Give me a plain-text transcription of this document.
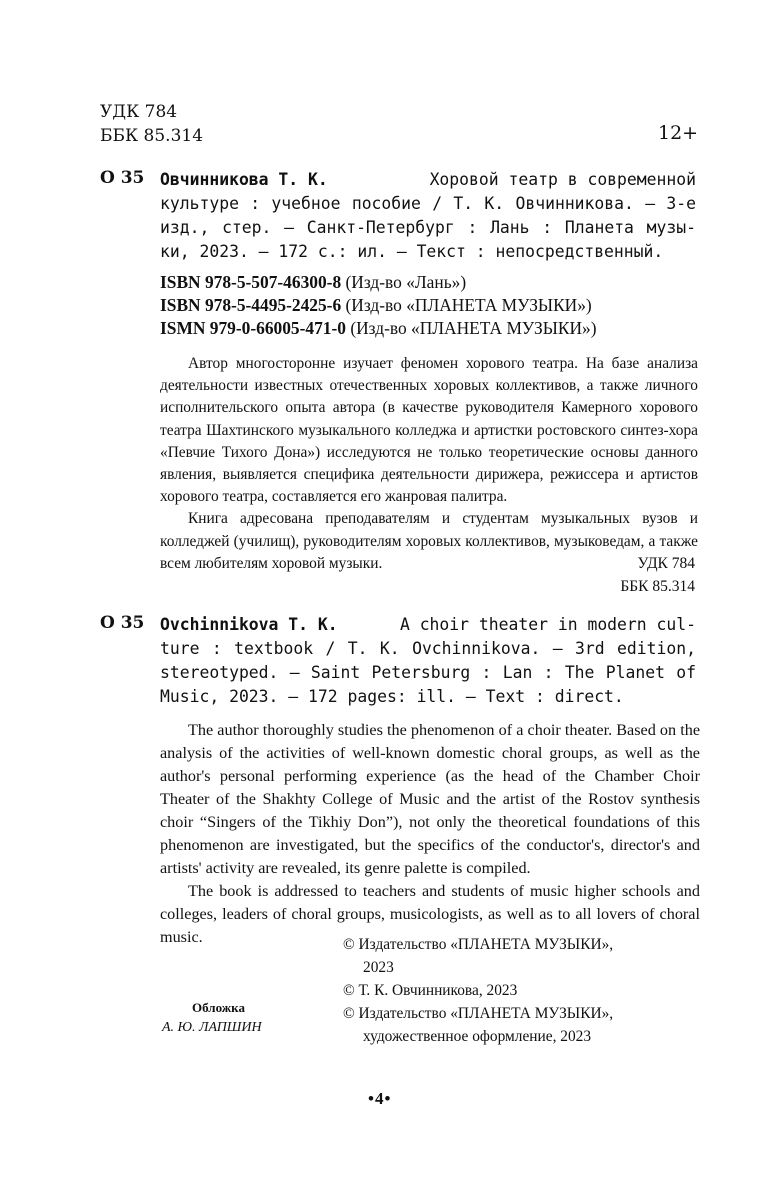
УДК 784
ББК 85.314	12+
О 35 Овчинникова Т. К.	Хоровой театр в современной
культуре : учебное пособие / Т. К. Овчинникова. — 3-е
изд., стер. — Санкт-Петербург : Лань : Планета музы-
ки, 2023. — 172 с.: ил. — Текст : непосредственный.
ISBN 978-5-507-46300-8 (Изд-во «Лань»)
ISBN 978-5-4495-2425-6 (Изд-во «ПЛАНЕТА МУЗЫКИ»)
ISMN 979-0-66005-471-0 (Изд-во «ПЛАНЕТА МУЗЫКИ»)

Автор многосторонне изучает феномен хорового театра. На базе анализа деятельности известных отечественных хоровых коллективов, а также личного исполнительского опыта автора (в качестве руководителя Камерного хорового театра Шахтинского музыкального колледжа и артистки ростовского синтез-хора «Певчие Тихого Дона») исследуются не только теоретические основы данного явления, выявляется специфика деятельности дирижера, режиссера и артистов хорового театра, составляется его жанровая палитра.

Книга адресована преподавателям и студентам музыкальных вузов и колледжей (училищ), руководителям хоровых коллективов, музыковедам, а также всем любителям хоровой музыки.	УДК 784
ББК 85.314
O 35 Ovchinnikova T. K.	A choir theater in modern cul-
ture : textbook / T. K. Ovchinnikova. — 3rd edition,
stereotyped. — Saint Petersburg : Lan : The Planet of
Music, 2023. — 172 pages: ill. — Text : direct.

The author thoroughly studies the phenomenon of a choir theater. Based on the analysis of the activities of well-known domestic choral groups, as well as the author's personal performing experience (as the head of the Chamber Choir Theater of the Shakhty College of Music and the artist of the Rostov synthesis choir “Singers of the Tikhiy Don”), not only the theoretical foundations of this phenomenon are investigated, but the specifics of the conductor's, director's and artists' activity are revealed, its genre palette is compiled.

The book is addressed to teachers and students of music higher schools and colleges, leaders of choral groups, musicologists, as well as to all lovers of choral music.	© Издательство «ПЛАНЕТА МУЗЫКИ»,
2023
© Т. К. Овчинникова, 2023
© Издательство «ПЛАНЕТА МУЗЫКИ»,
художественное оформление, 2023
Обложка
А. Ю. ЛАПШИН
•4•
